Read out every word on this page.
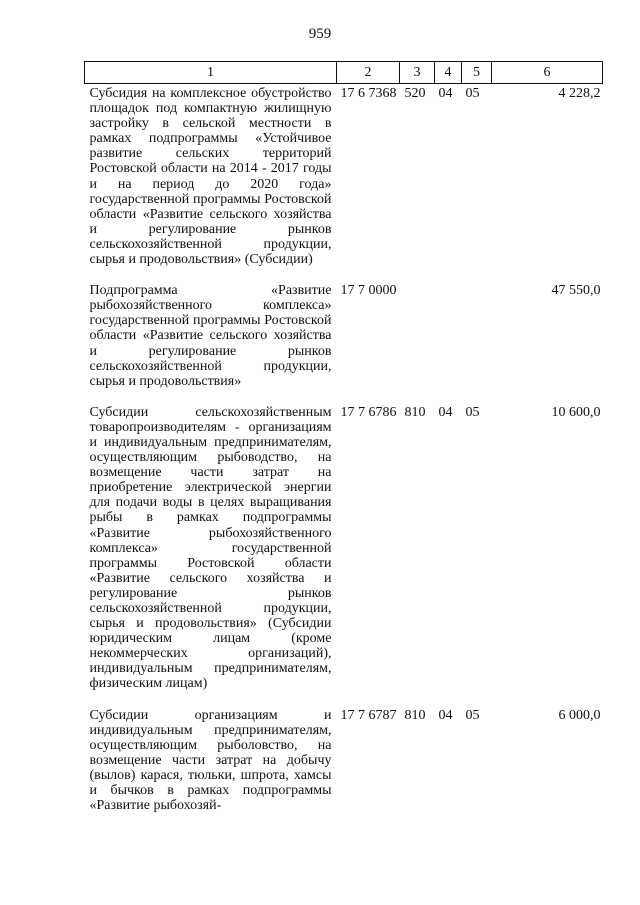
959
1	2	3	4	5	6
Субсидия на комплексное обустройство площадок под компактную жилищную застройку в сельской местности в рамках подпрограммы «Устойчивое развитие сельских территорий Ростовской области на 2014 - 2017 годы и на период до 2020 года» государственной программы Ростовской области «Развитие сельского хозяйства и регулирование рынков сельскохозяйственной продукции, сырья и продовольствия» (Субсидии)	17 6 7368	520	04	05	4 228,2
Подпрограмма «Развитие рыбохозяйственного комплекса» государственной программы Ростовской области «Развитие сельского хозяйства и регулирование рынков сельскохозяйственной продукции, сырья и продовольствия»	17 7 0000				47 550,0
Субсидии сельскохозяйственным товаропроизводителям - организациям и индивидуальным предпринимателям, осуществляющим рыбоводство, на возмещение части затрат на приобретение электрической энергии для подачи воды в целях выращивания рыбы в рамках подпрограммы «Развитие рыбохозяйственного комплекса» государственной программы Ростовской области «Развитие сельского хозяйства и регулирование рынков сельскохозяйственной продукции, сырья и продовольствия» (Субсидии юридическим лицам (кроме некоммерческих организаций), индивидуальным предпринимателям, физическим лицам)	17 7 6786	810	04	05	10 600,0
Субсидии организациям и индивидуальным предпринимателям, осуществляющим рыболовство, на возмещение части затрат на добычу (вылов) карася, тюльки, шпрота, хамсы и бычков в рамках подпрограммы «Развитие рыбохозяй-	17 7 6787	810	04	05	6 000,0
